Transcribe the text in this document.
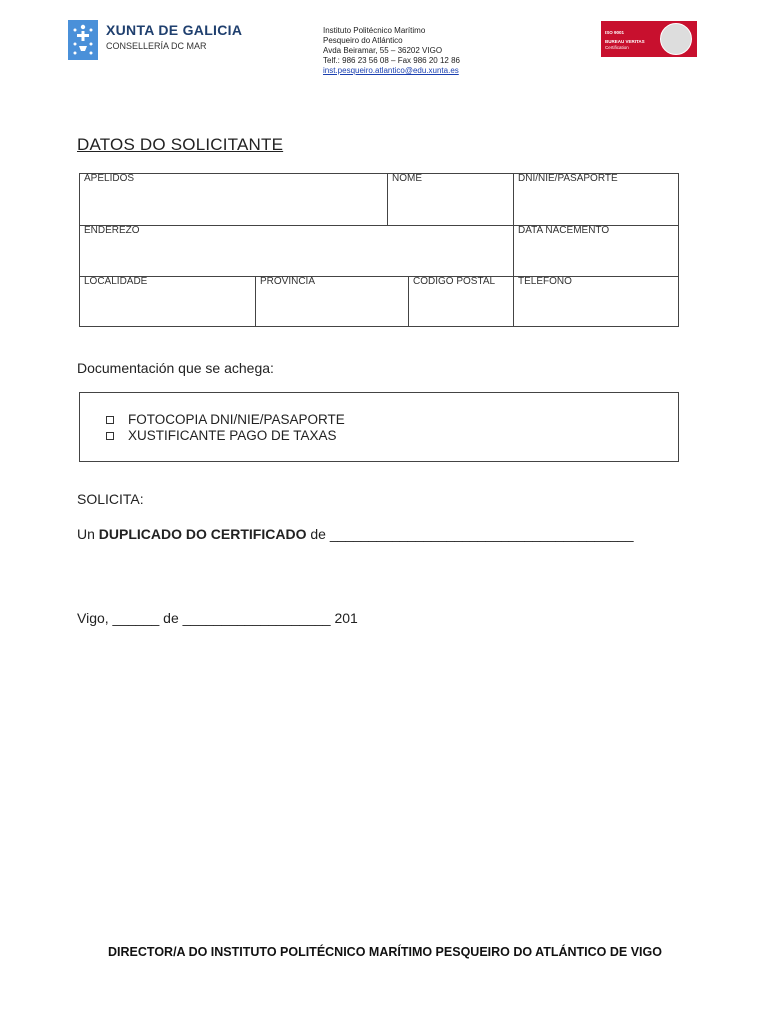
XUNTA DE GALICIA
CONSELLERÍA DC MAR
Instituto Politécnico Marítimo
Pesqueiro do Atlántico
Avda Beiramar, 55 – 36202 VIGO
Telf.: 986 23 56 08 – Fax 986 20 12 86
inst.pesqueiro.atlantico@edu.xunta.es
ISO 9001
BUREAU VERITAS
Certification
DATOS DO SOLICITANTE
APELIDOS	NOME	DNI/NIE/PASAPORTE
ENDEREZO	DATA NACEMENTO
LOCALIDADE	PROVINCIA	CODIGO POSTAL	TELEFONO
Documentación que se achega:
FOTOCOPIA DNI/NIE/PASAPORTE
XUSTIFICANTE PAGO DE TAXAS
SOLICITA:
Un DUPLICADO DO CERTIFICADO de _______________________________________
Vigo, ______ de ___________________ 201
DIRECTOR/A DO INSTITUTO POLITÉCNICO MARÍTIMO PESQUEIRO DO ATLÁNTICO DE VIGO
